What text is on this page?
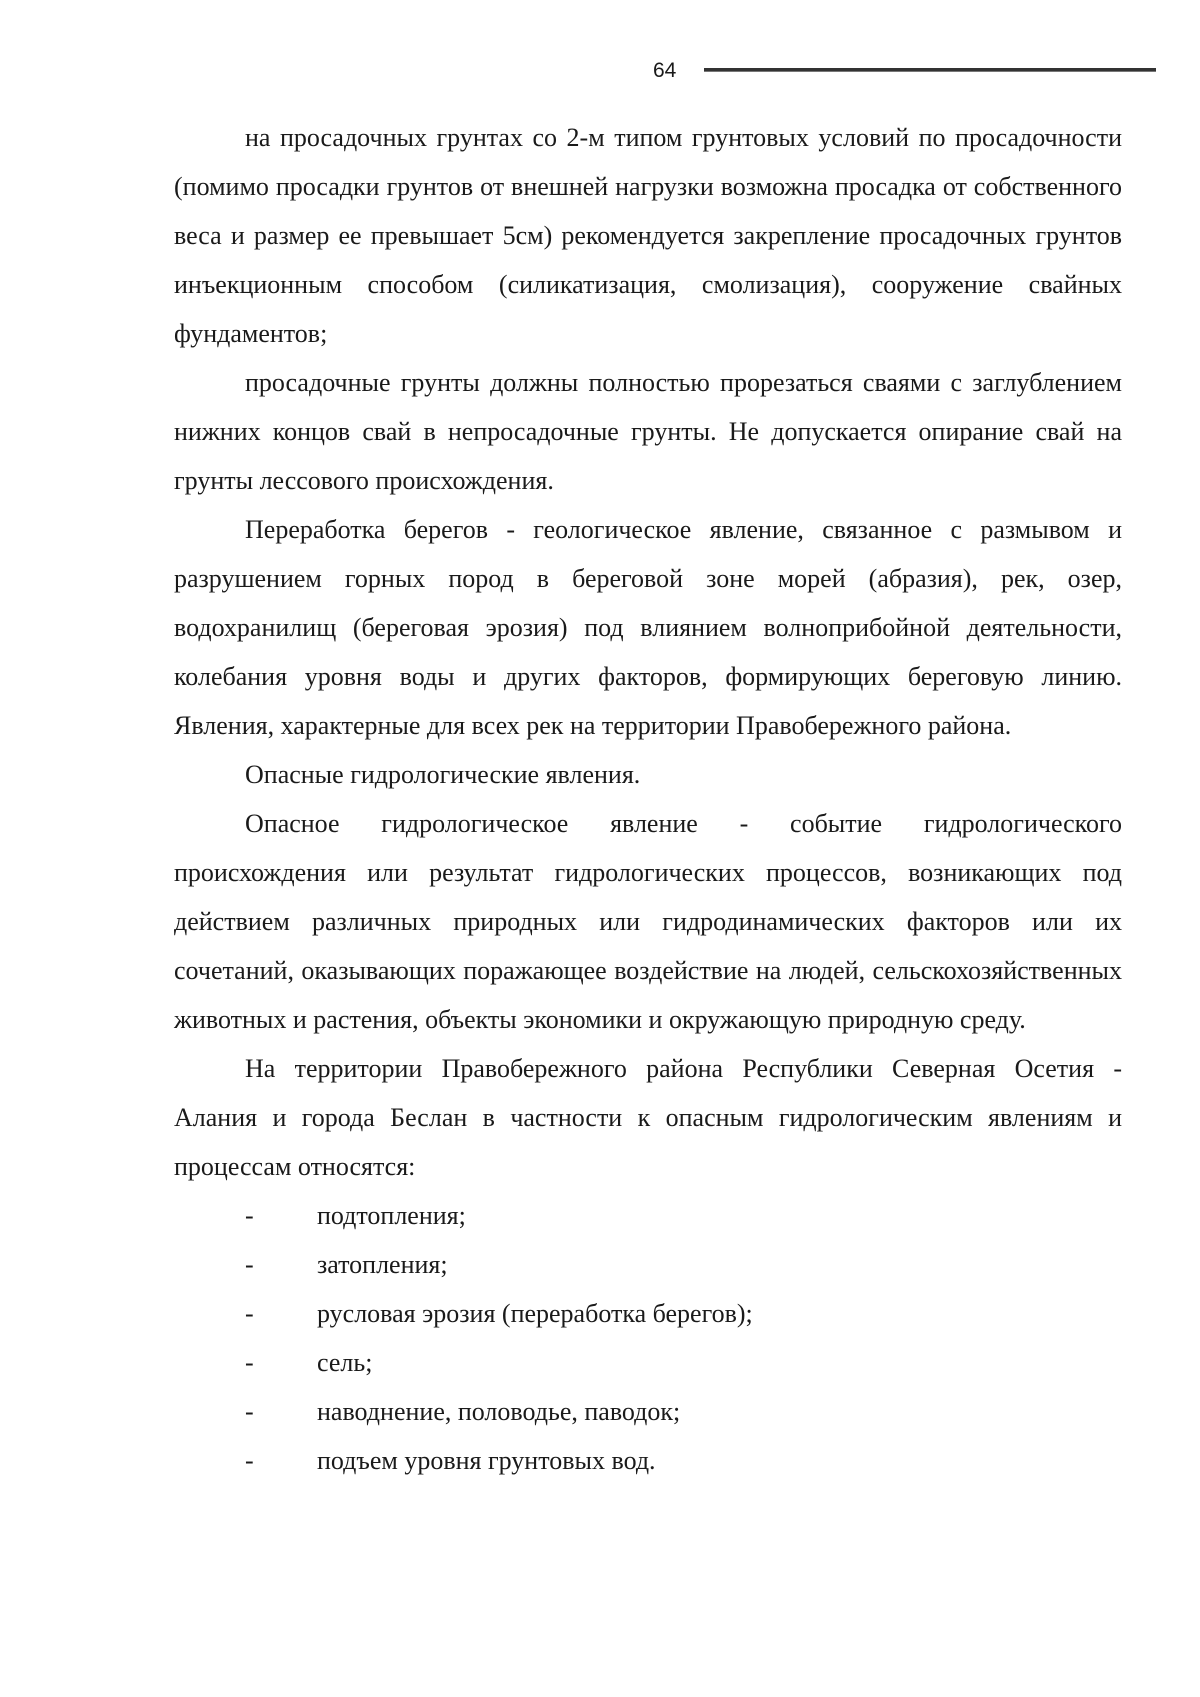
64

на просадочных грунтах со 2-м типом грунтовых условий по просадочности (помимо просадки грунтов от внешней нагрузки возможна просадка от собственного веса и размер ее превышает 5см) рекомендуется закрепление просадочных грунтов инъекционным способом (силикатизация, смолизация), сооружение свайных фундаментов;

просадочные грунты должны полностью прорезаться сваями с заглублением нижних концов свай в непросадочные грунты. Не допускается опирание свай на грунты лессового происхождения.

Переработка берегов - геологическое явление, связанное с размывом и разрушением горных пород в береговой зоне морей (абразия), рек, озер, водохранилищ (береговая эрозия) под влиянием волноприбойной деятельности, колебания уровня воды и других факторов, формирующих береговую линию. Явления, характерные для всех рек на территории Правобережного района.

Опасные гидрологические явления.

Опасное гидрологическое явление - событие гидрологического происхождения или результат гидрологических процессов, возникающих под действием различных природных или гидродинамических факторов или их сочетаний, оказывающих поражающее воздействие на людей, сельскохозяйственных животных и растения, объекты экономики и окружающую природную среду.

На территории Правобережного района Республики Северная Осетия - Алания и города Беслан в частности к опасным гидрологическим явлениям и процессам относятся:

- подтопления;
- затопления;
- русловая эрозия (переработка берегов);
- сель;
- наводнение, половодье, паводок;
- подъем уровня грунтовых вод.
